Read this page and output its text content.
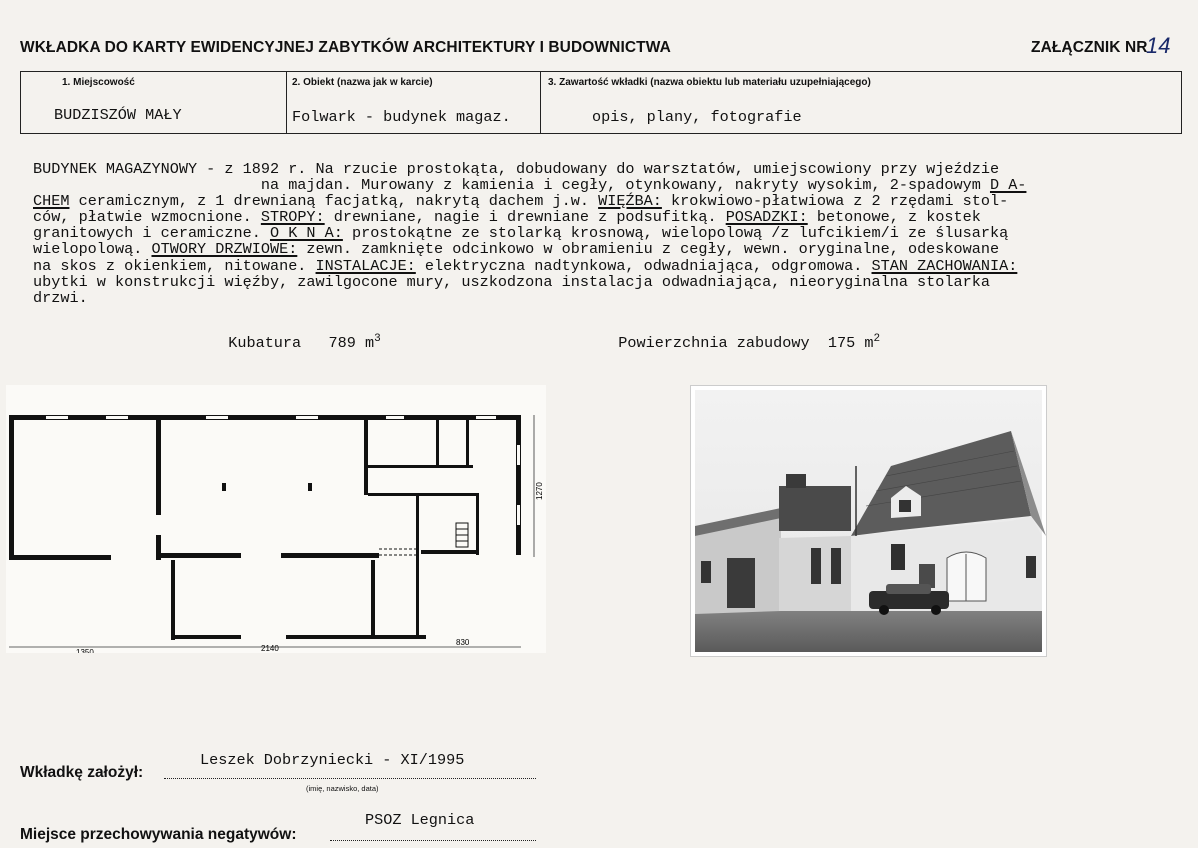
WKŁADKA DO KARTY EWIDENCYJNEJ ZABYTKÓW ARCHITEKTURY I BUDOWNICTWA	ZAŁĄCZNIK NR
14
1. Miejscowość	2. Obiekt (nazwa jak w karcie)	3. Zawartość wkładki (nazwa obiektu lub materiału uzupełniającego)
BUDZISZÓW MAŁY	Folwark - budynek magaz.	opis, plany, fotografie
BUDYNEK MAGAZYNOWY - z 1892 r. Na rzucie prostokąta, dobudowany do warsztatów, umiejscowiony przy wjeździe
na majdan. Murowany z kamienia i cegły, otynkowany, nakryty wysokim, 2-spadowym D A-
CHEM ceramicznym, z 1 drewnianą facjatką, nakrytą dachem j.w. WIĘŹBA: krokwiowo-płatwiowa z 2 rzędami stol-
ców, płatwie wzmocnione. STROPY: drewniane, nagie i drewniane z podsufitką. POSADZKI: betonowe, z kostek
granitowych i ceramiczne. O K N A: prostokątne ze stolarką krosnową, wielopolową /z lufcikiem/i ze ślusarką
wielopolową. OTWORY DRZWIOWE: zewn. zamknięte odcinkowo w obramieniu z cegły, wewn. oryginalne, odeskowane
na skos z okienkiem, nitowane. INSTALACJE: elektryczna nadtynkowa, odwadniająca, odgromowa. STAN ZACHOWANIA:
ubytki w konstrukcji więźby, zawilgocone mury, uszkodzona instalacja odwadniająca, nieoryginalna stolarka
drzwi.

Kubatura 789 $m^3$	Powierzchnia zabudowy 175 $m^2$

1350	2140
830
1270
Wkładkę założył:
Leszek Dobrzyniecki - XI/1995
(imię, nazwisko, data)
Miejsce przechowywania negatywów:
PSOZ Legnica
